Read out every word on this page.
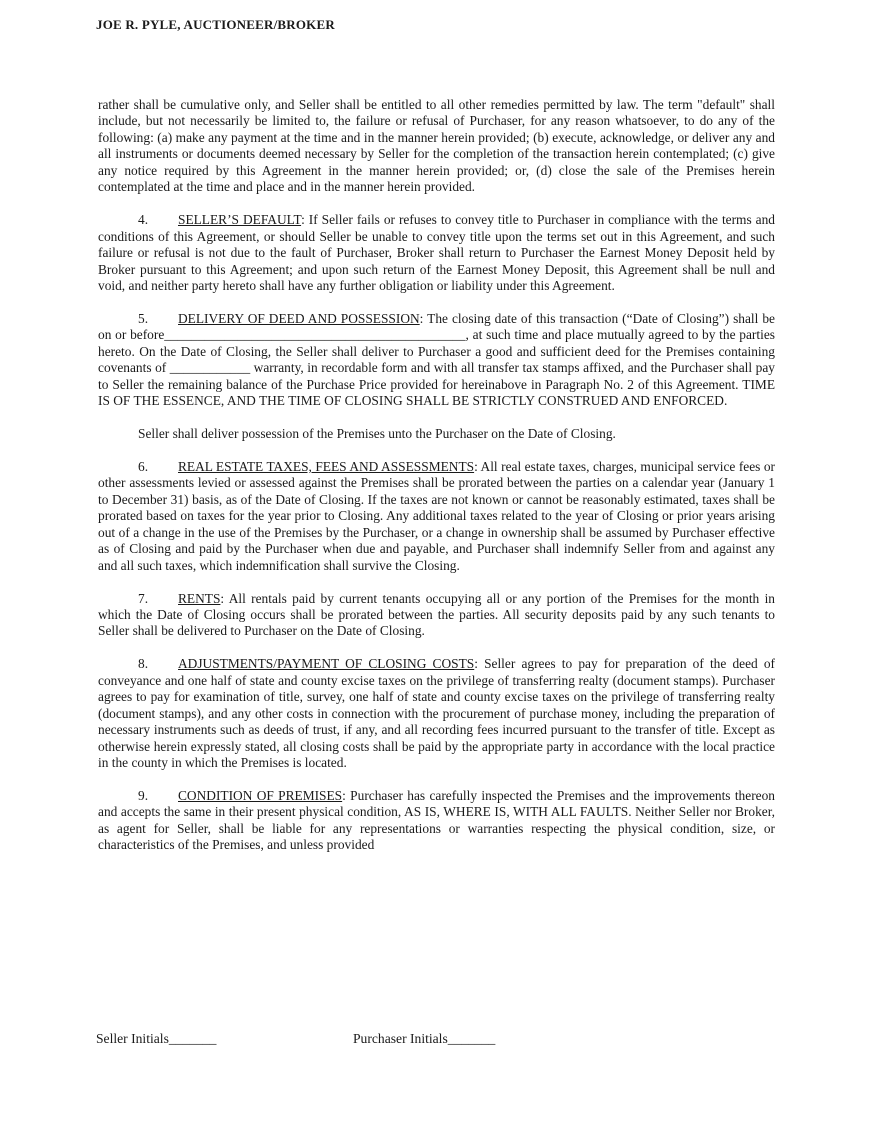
JOE R. PYLE, AUCTIONEER/BROKER

rather shall be cumulative only, and Seller shall be entitled to all other remedies permitted by law. The term "default" shall include, but not necessarily be limited to, the failure or refusal of Purchaser, for any reason whatsoever, to do any of the following: (a) make any payment at the time and in the manner herein provided; (b) execute, acknowledge, or deliver any and all instruments or documents deemed necessary by Seller for the completion of the transaction herein contemplated; (c) give any notice required by this Agreement in the manner herein provided; or, (d) close the sale of the Premises herein contemplated at the time and place and in the manner herein provided.

4. SELLER’S DEFAULT: If Seller fails or refuses to convey title to Purchaser in compliance with the terms and conditions of this Agreement, or should Seller be unable to convey title upon the terms set out in this Agreement, and such failure or refusal is not due to the fault of Purchaser, Broker shall return to Purchaser the Earnest Money Deposit held by Broker pursuant to this Agreement; and upon such return of the Earnest Money Deposit, this Agreement shall be null and void, and neither party hereto shall have any further obligation or liability under this Agreement.

5. DELIVERY OF DEED AND POSSESSION: The closing date of this transaction (“Date of Closing”) shall be on or before_____________________________________________, at such time and place mutually agreed to by the parties hereto. On the Date of Closing, the Seller shall deliver to Purchaser a good and sufficient deed for the Premises containing covenants of ____________ warranty, in recordable form and with all transfer tax stamps affixed, and the Purchaser shall pay to Seller the remaining balance of the Purchase Price provided for hereinabove in Paragraph No. 2 of this Agreement. TIME IS OF THE ESSENCE, AND THE TIME OF CLOSING SHALL BE STRICTLY CONSTRUED AND ENFORCED.

Seller shall deliver possession of the Premises unto the Purchaser on the Date of Closing.

6. REAL ESTATE TAXES, FEES AND ASSESSMENTS: All real estate taxes, charges, municipal service fees or other assessments levied or assessed against the Premises shall be prorated between the parties on a calendar year (January 1 to December 31) basis, as of the Date of Closing. If the taxes are not known or cannot be reasonably estimated, taxes shall be prorated based on taxes for the year prior to Closing. Any additional taxes related to the year of Closing or prior years arising out of a change in the use of the Premises by the Purchaser, or a change in ownership shall be assumed by Purchaser effective as of Closing and paid by the Purchaser when due and payable, and Purchaser shall indemnify Seller from and against any and all such taxes, which indemnification shall survive the Closing.

7. RENTS: All rentals paid by current tenants occupying all or any portion of the Premises for the month in which the Date of Closing occurs shall be prorated between the parties. All security deposits paid by any such tenants to Seller shall be delivered to Purchaser on the Date of Closing.

8. ADJUSTMENTS/PAYMENT OF CLOSING COSTS: Seller agrees to pay for preparation of the deed of conveyance and one half of state and county excise taxes on the privilege of transferring realty (document stamps). Purchaser agrees to pay for examination of title, survey, one half of state and county excise taxes on the privilege of transferring realty (document stamps), and any other costs in connection with the procurement of purchase money, including the preparation of necessary instruments such as deeds of trust, if any, and all recording fees incurred pursuant to the transfer of title. Except as otherwise herein expressly stated, all closing costs shall be paid by the appropriate party in accordance with the local practice in the county in which the Premises is located.

9. CONDITION OF PREMISES: Purchaser has carefully inspected the Premises and the improvements thereon and accepts the same in their present physical condition, AS IS, WHERE IS, WITH ALL FAULTS. Neither Seller nor Broker, as agent for Seller, shall be liable for any representations or warranties respecting the physical condition, size, or characteristics of the Premises, and unless provided

Seller Initials_______	Purchaser Initials_______
